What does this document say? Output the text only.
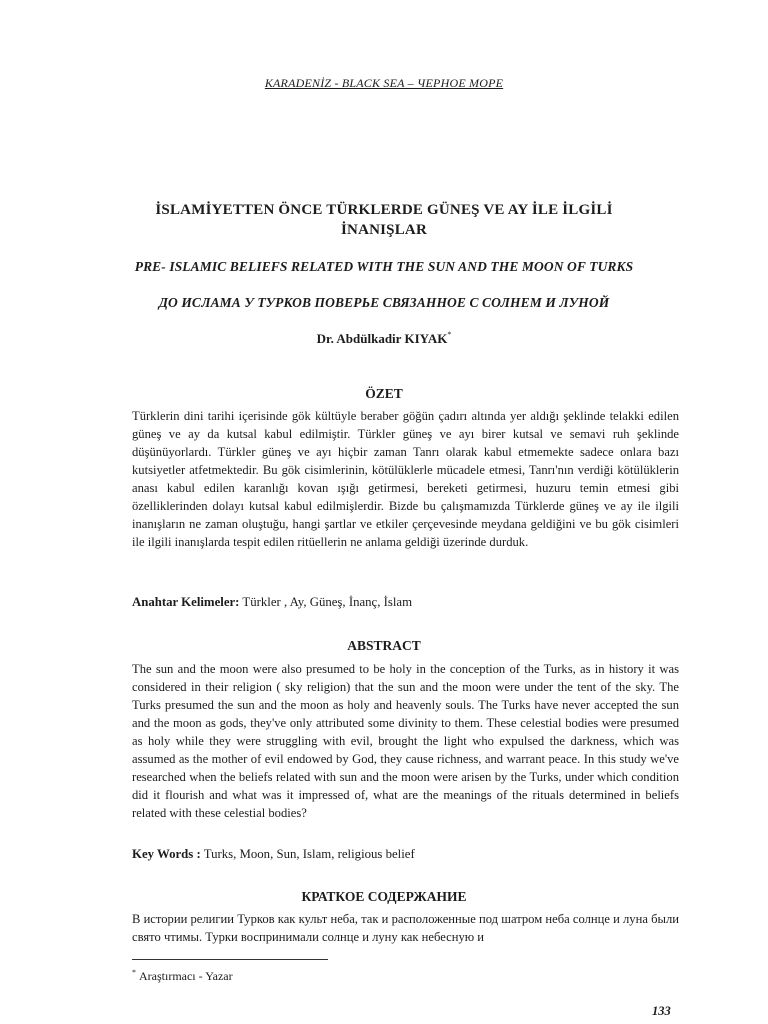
KARADENİZ - BLACK SEA – ЧЕРНОЕ МОРЕ
İSLAMİYETTEN ÖNCE TÜRKLERDE GÜNEŞ VE AY İLE İLGİLİ İNANIŞLAR
PRE- ISLAMIC BELIEFS RELATED WITH THE SUN AND THE MOON OF TURKS
ДО ИСЛАМА У ТУРКОВ ПОВЕРЬЕ СВЯЗАННОЕ С СОЛНЕМ И ЛУНОЙ
Dr. Abdülkadir KIYAK*
ÖZET
Türklerin dini tarihi içerisinde gök kültüyle beraber göğün çadırı altında yer aldığı şeklinde telakki edilen güneş ve ay da kutsal kabul edilmiştir. Türkler güneş ve ayı birer kutsal ve semavi ruh şeklinde düşünüyorlardı. Türkler güneş ve ayı hiçbir zaman Tanrı olarak kabul etmemekte sadece onlara bazı kutsiyetler atfetmektedir. Bu gök cisimlerinin, kötülüklerle mücadele etmesi, Tanrı'nın verdiği kötülüklerin anası kabul edilen karanlığı kovan ışığı getirmesi, bereketi getirmesi, huzuru temin etmesi gibi özelliklerinden dolayı kutsal kabul edilmişlerdir. Bizde bu çalışmamızda Türklerde güneş ve ay ile ilgili inanışların ne zaman oluştuğu, hangi şartlar ve etkiler çerçevesinde meydana geldiğini ve bu gök cisimleri ile ilgili inanışlarda tespit edilen ritüellerin ne anlama geldiği üzerinde durduk.
Anahtar Kelimeler: Türkler , Ay, Güneş, İnanç, İslam
ABSTRACT
The sun and the moon were also presumed to be holy in the conception of the Turks, as in history it was considered in their religion ( sky religion) that the sun and the moon were under the tent of the sky. The Turks presumed the sun and the moon as holy and heavenly souls. The Turks have never accepted the sun and the moon as gods, they've only attributed some divinity to them. These celestial bodies were presumed as holy while they were struggling with evil, brought the light who expulsed the darkness, which was assumed as the mother of evil endowed by God, they cause richness, and warrant peace. In this study we've researched when the beliefs related with sun and the moon were arisen by the Turks, under which condition did it flourish and what was it impressed of, what are the meanings of the rituals determined in beliefs related with these celestial bodies?
Key Words : Turks, Moon, Sun, Islam, religious belief
КРАТКОЕ СОДЕРЖАНИЕ
В истории религии Турков как культ неба, так и расположенные под шатром неба солнце и луна были свято чтимы. Турки воспринимали солнце и луну как небесную и
* Araştırmacı - Yazar
133
